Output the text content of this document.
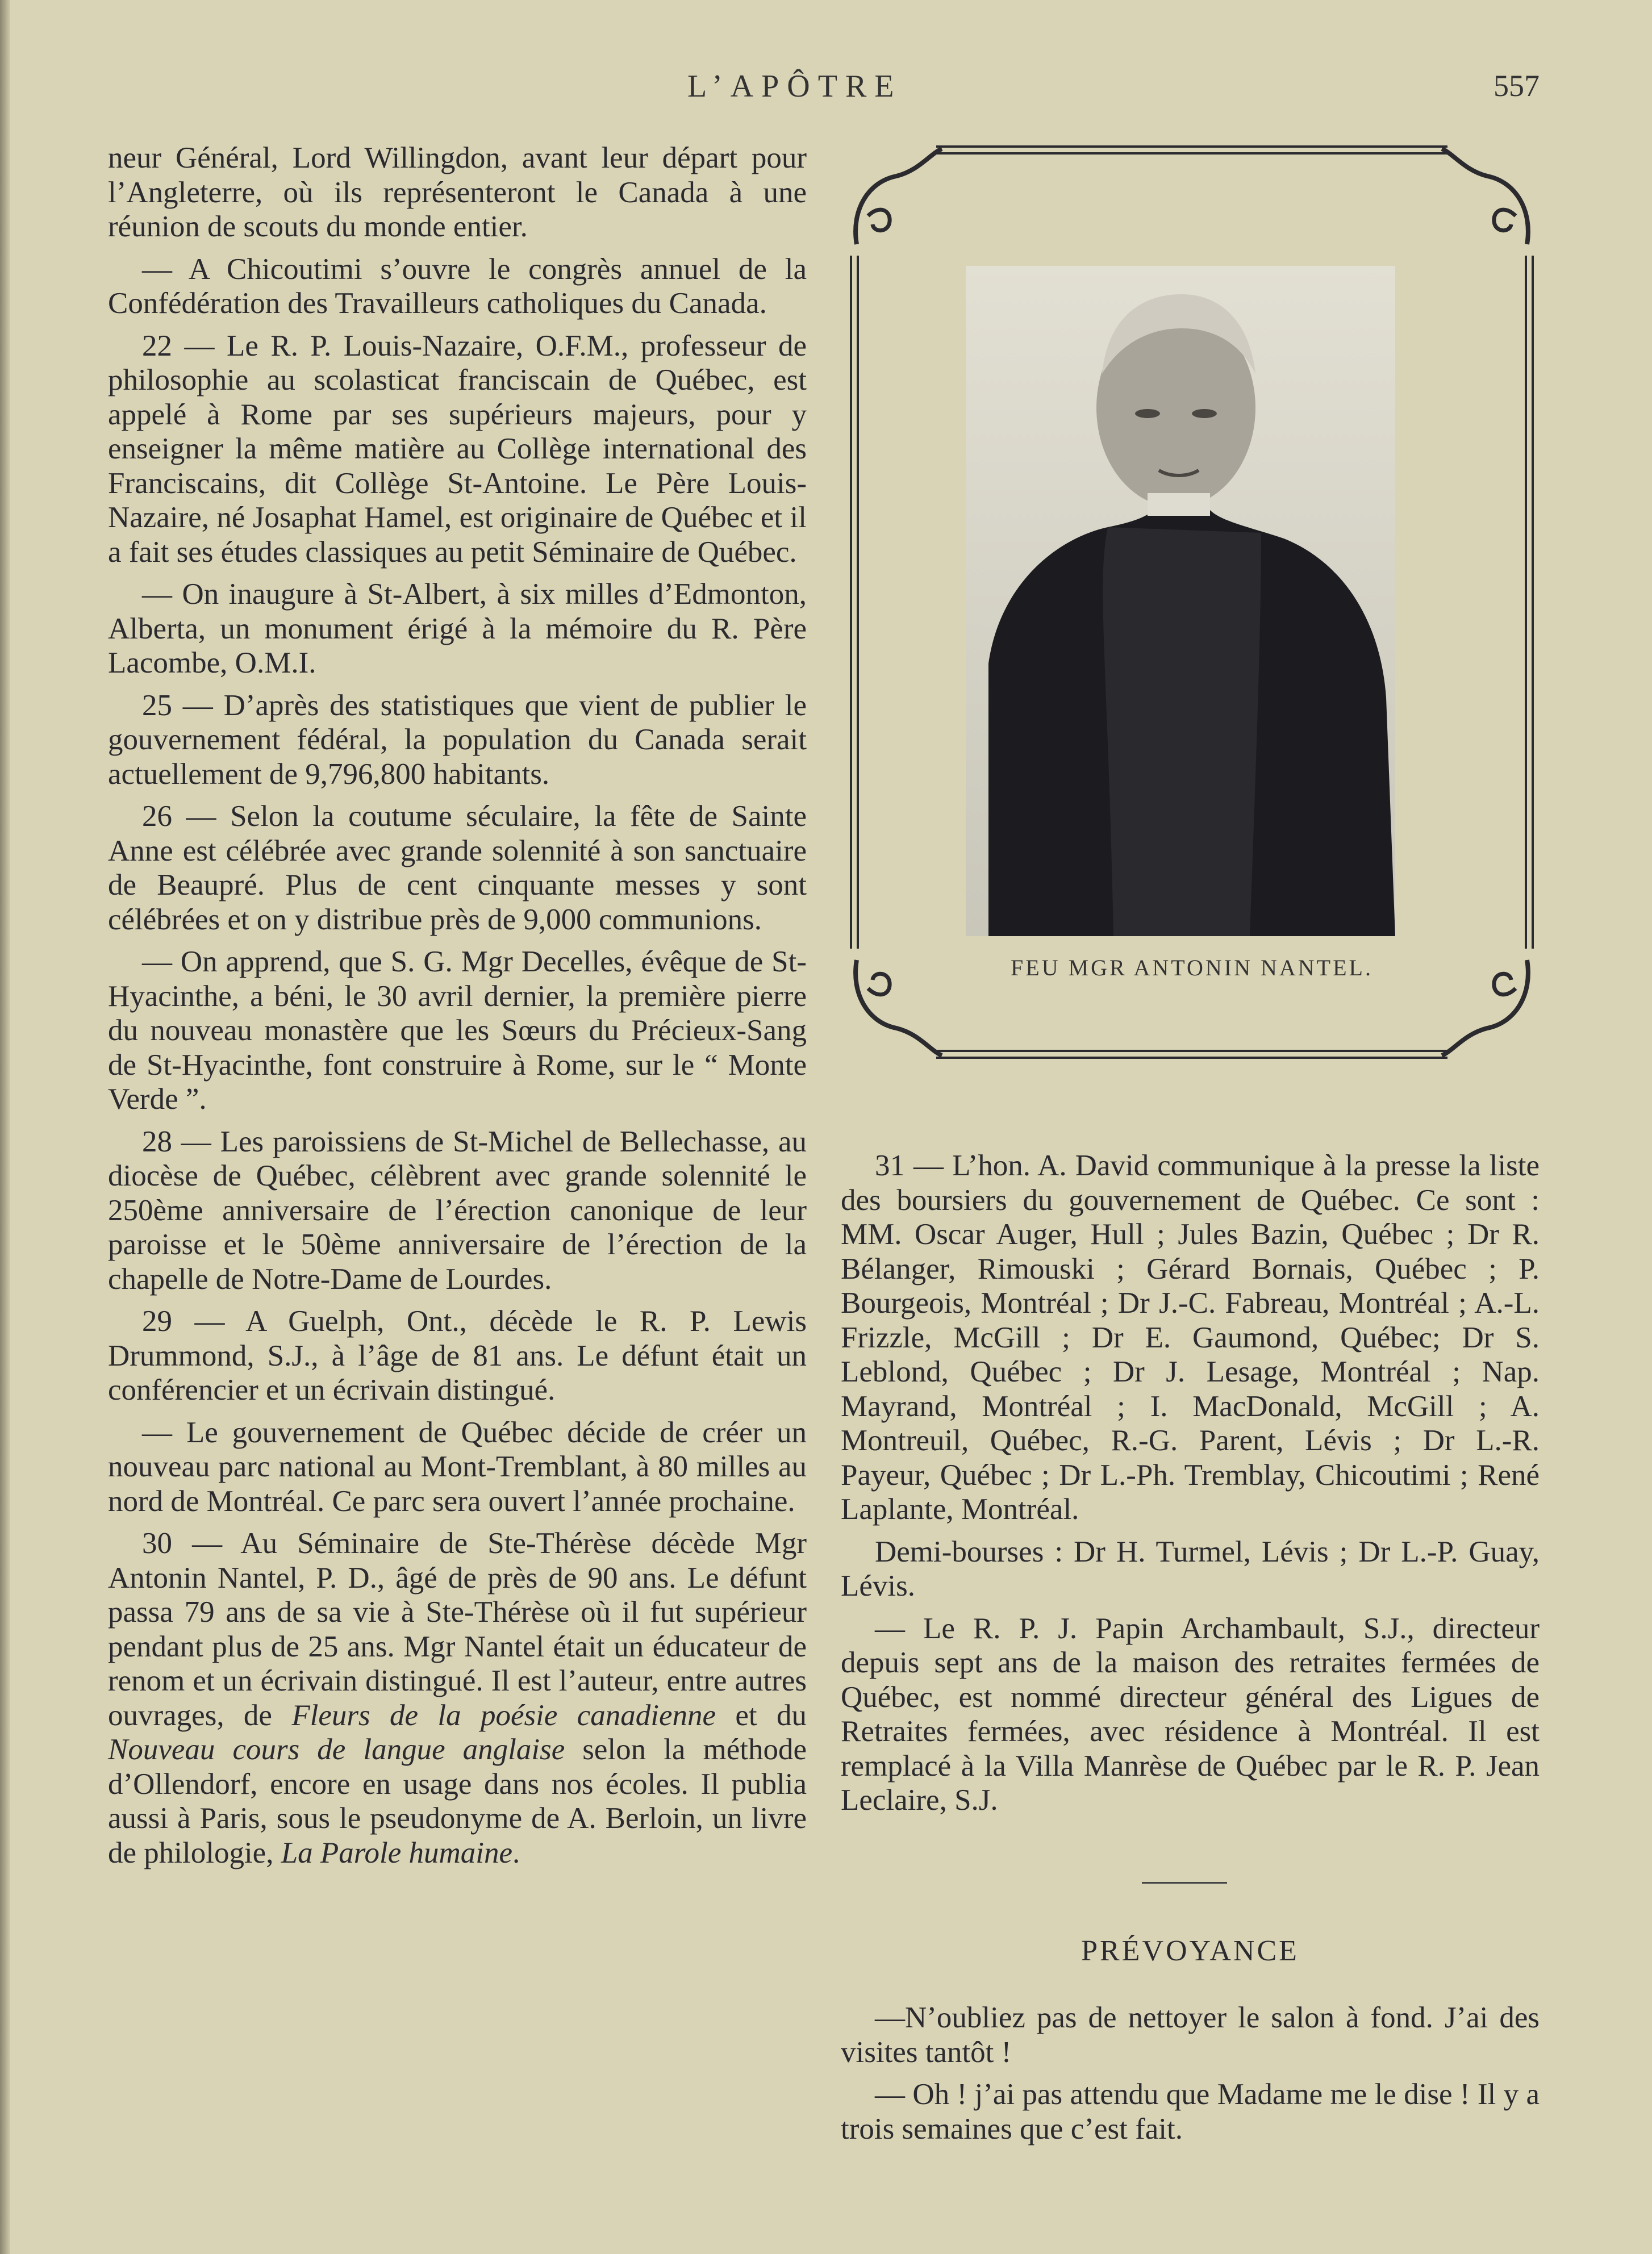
L’APÔTRE	557

neur Général, Lord Willingdon, avant leur départ pour l’Angleterre, où ils représenteront le Canada à une réunion de scouts du monde entier.

— A Chicoutimi s’ouvre le congrès annuel de la Confédération des Travailleurs catholiques du Canada.

22 — Le R. P. Louis-Nazaire, O.F.M., professeur de philosophie au scolasticat franciscain de Québec, est appelé à Rome par ses supérieurs majeurs, pour y enseigner la même matière au Collège international des Franciscains, dit Collège St-Antoine. Le Père Louis-Nazaire, né Josaphat Hamel, est originaire de Québec et il a fait ses études classiques au petit Séminaire de Québec.

— On inaugure à St-Albert, à six milles d’Edmonton, Alberta, un monument érigé à la mémoire du R. Père Lacombe, O.M.I.

25 — D’après des statistiques que vient de publier le gouvernement fédéral, la population du Canada serait actuellement de 9,796,800 habitants.

26 — Selon la coutume séculaire, la fête de Sainte Anne est célébrée avec grande solennité à son sanctuaire de Beaupré. Plus de cent cinquante messes y sont célébrées et on y distribue près de 9,000 communions.

— On apprend, que S. G. Mgr Decelles, évêque de St-Hyacinthe, a béni, le 30 avril dernier, la première pierre du nouveau monastère que les Sœurs du Précieux-Sang de St-Hyacinthe, font construire à Rome, sur le “ Monte Verde ”.

28 — Les paroissiens de St-Michel de Bellechasse, au diocèse de Québec, célèbrent avec grande solennité le 250ème anniversaire de l’érection canonique de leur paroisse et le 50ème anniversaire de l’érection de la chapelle de Notre-Dame de Lourdes.

29 — A Guelph, Ont., décède le R. P. Lewis Drummond, S.J., à l’âge de 81 ans. Le défunt était un conférencier et un écrivain distingué.

— Le gouvernement de Québec décide de créer un nouveau parc national au Mont-Tremblant, à 80 milles au nord de Montréal. Ce parc sera ouvert l’année prochaine.

30 — Au Séminaire de Ste-Thérèse décède Mgr Antonin Nantel, P. D., âgé de près de 90 ans. Le défunt passa 79 ans de sa vie à Ste-Thérèse où il fut supérieur pendant plus de 25 ans. Mgr Nantel était un éducateur de renom et un écrivain distingué. Il est l’auteur, entre autres ouvrages, de Fleurs de la poésie canadienne et du Nouveau cours de langue anglaise selon la méthode d’Ollendorf, encore en usage dans nos écoles. Il publia aussi à Paris, sous le pseudonyme de A. Berloin, un livre de philologie, La Parole humaine.

FEU MGR ANTONIN NANTEL.

31 — L’hon. A. David communique à la presse la liste des boursiers du gouvernement de Québec. Ce sont : MM. Oscar Auger, Hull ; Jules Bazin, Québec ; Dr R. Bélanger, Rimouski ; Gérard Bornais, Québec ; P. Bourgeois, Montréal ; Dr J.-C. Fabreau, Montréal ; A.-L. Frizzle, McGill ; Dr E. Gaumond, Québec; Dr S. Leblond, Québec ; Dr J. Lesage, Montréal ; Nap. Mayrand, Montréal ; I. MacDonald, McGill ; A. Montreuil, Québec, R.-G. Parent, Lévis ; Dr L.-R. Payeur, Québec ; Dr L.-Ph. Tremblay, Chicoutimi ; René Laplante, Montréal.

Demi-bourses : Dr H. Turmel, Lévis ; Dr L.-P. Guay, Lévis.

— Le R. P. J. Papin Archambault, S.J., directeur depuis sept ans de la maison des retraites fermées de Québec, est nommé directeur général des Ligues de Retraites fermées, avec résidence à Montréal. Il est remplacé à la Villa Manrèse de Québec par le R. P. Jean Leclaire, S.J.

PRÉVOYANCE

—N’oubliez pas de nettoyer le salon à fond. J’ai des visites tantôt !

— Oh ! j’ai pas attendu que Madame me le dise ! Il y a trois semaines que c’est fait.
